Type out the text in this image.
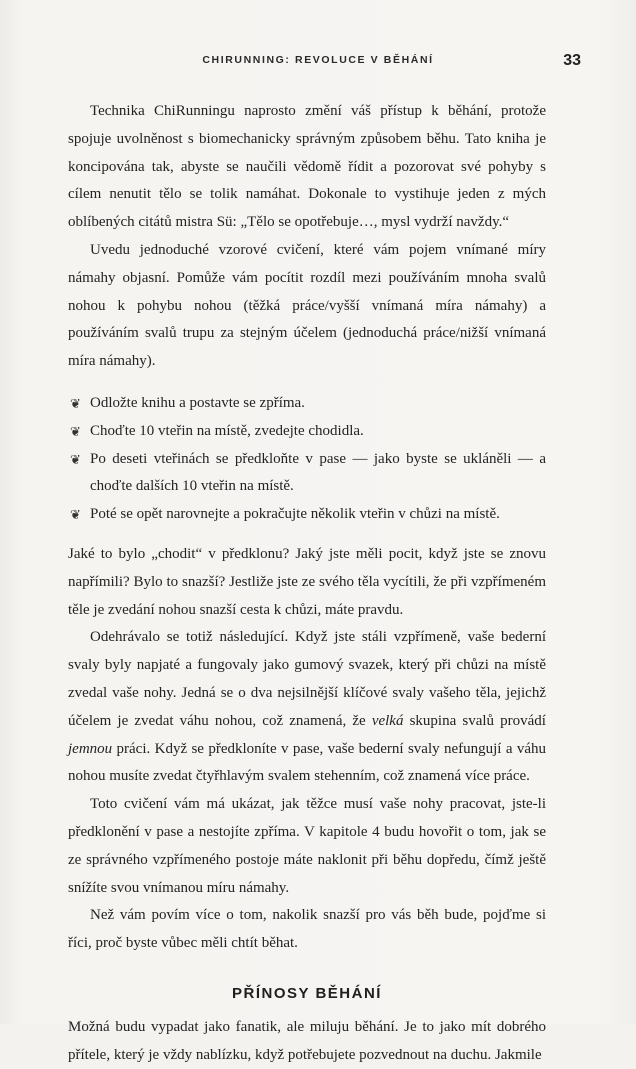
CHIRUNNING: REVOLUCE V BĚHÁNÍ	33

Technika ChiRunningu naprosto změní váš přístup k běhání, protože spojuje uvolněnost s biomechanicky správným způsobem běhu. Tato kniha je koncipována tak, abyste se naučili vědomě řídit a pozorovat své pohyby s cílem nenutit tělo se tolik namáhat. Dokonale to vystihuje jeden z mých oblíbených citátů mistra Sü: „Tělo se opotřebuje…, mysl vydrží navždy.“

Uvedu jednoduché vzorové cvičení, které vám pojem vnímané míry námahy objasní. Pomůže vám pocítit rozdíl mezi používáním mnoha svalů nohou k pohybu nohou (těžká práce/vyšší vnímaná míra námahy) a používáním svalů trupu za stejným účelem (jednoduchá práce/nižší vnímaná míra námahy).

❦ Odložte knihu a postavte se zpříma.
❦ Choďte 10 vteřin na místě, zvedejte chodidla.
❦ Po deseti vteřinách se předkloňte v pase — jako byste se ukláněli — a choďte dalších 10 vteřin na místě.
❦ Poté se opět narovnejte a pokračujte několik vteřin v chůzi na místě.

Jaké to bylo „chodit“ v předklonu? Jaký jste měli pocit, když jste se znovu napřímili? Bylo to snazší? Jestliže jste ze svého těla vycítili, že při vzpřímeném těle je zvedání nohou snazší cesta k chůzi, máte pravdu.

Odehrávalo se totiž následující. Když jste stáli vzpřímeně, vaše bederní svaly byly napjaté a fungovaly jako gumový svazek, který při chůzi na místě zvedal vaše nohy. Jedná se o dva nejsilnější klíčové svaly vašeho těla, jejichž účelem je zvedat váhu nohou, což znamená, že velká skupina svalů provádí jemnou práci. Když se předkloníte v pase, vaše bederní svaly nefungují a váhu nohou musíte zvedat čtyřhlavým svalem stehenním, což znamená více práce.

Toto cvičení vám má ukázat, jak těžce musí vaše nohy pracovat, jste-li předklonění v pase a nestojíte zpříma. V kapitole 4 budu hovořit o tom, jak se ze správného vzpřímeného postoje máte naklonit při běhu dopředu, čímž ještě snížíte svou vnímanou míru námahy.

Než vám povím více o tom, nakolik snazší pro vás běh bude, pojďme si říci, proč byste vůbec měli chtít běhat.

PŘÍNOSY BĚHÁNÍ

Možná budu vypadat jako fanatik, ale miluju běhání. Je to jako mít dobrého přítele, který je vždy nablízku, když potřebujete pozvednout na duchu. Jakmile
